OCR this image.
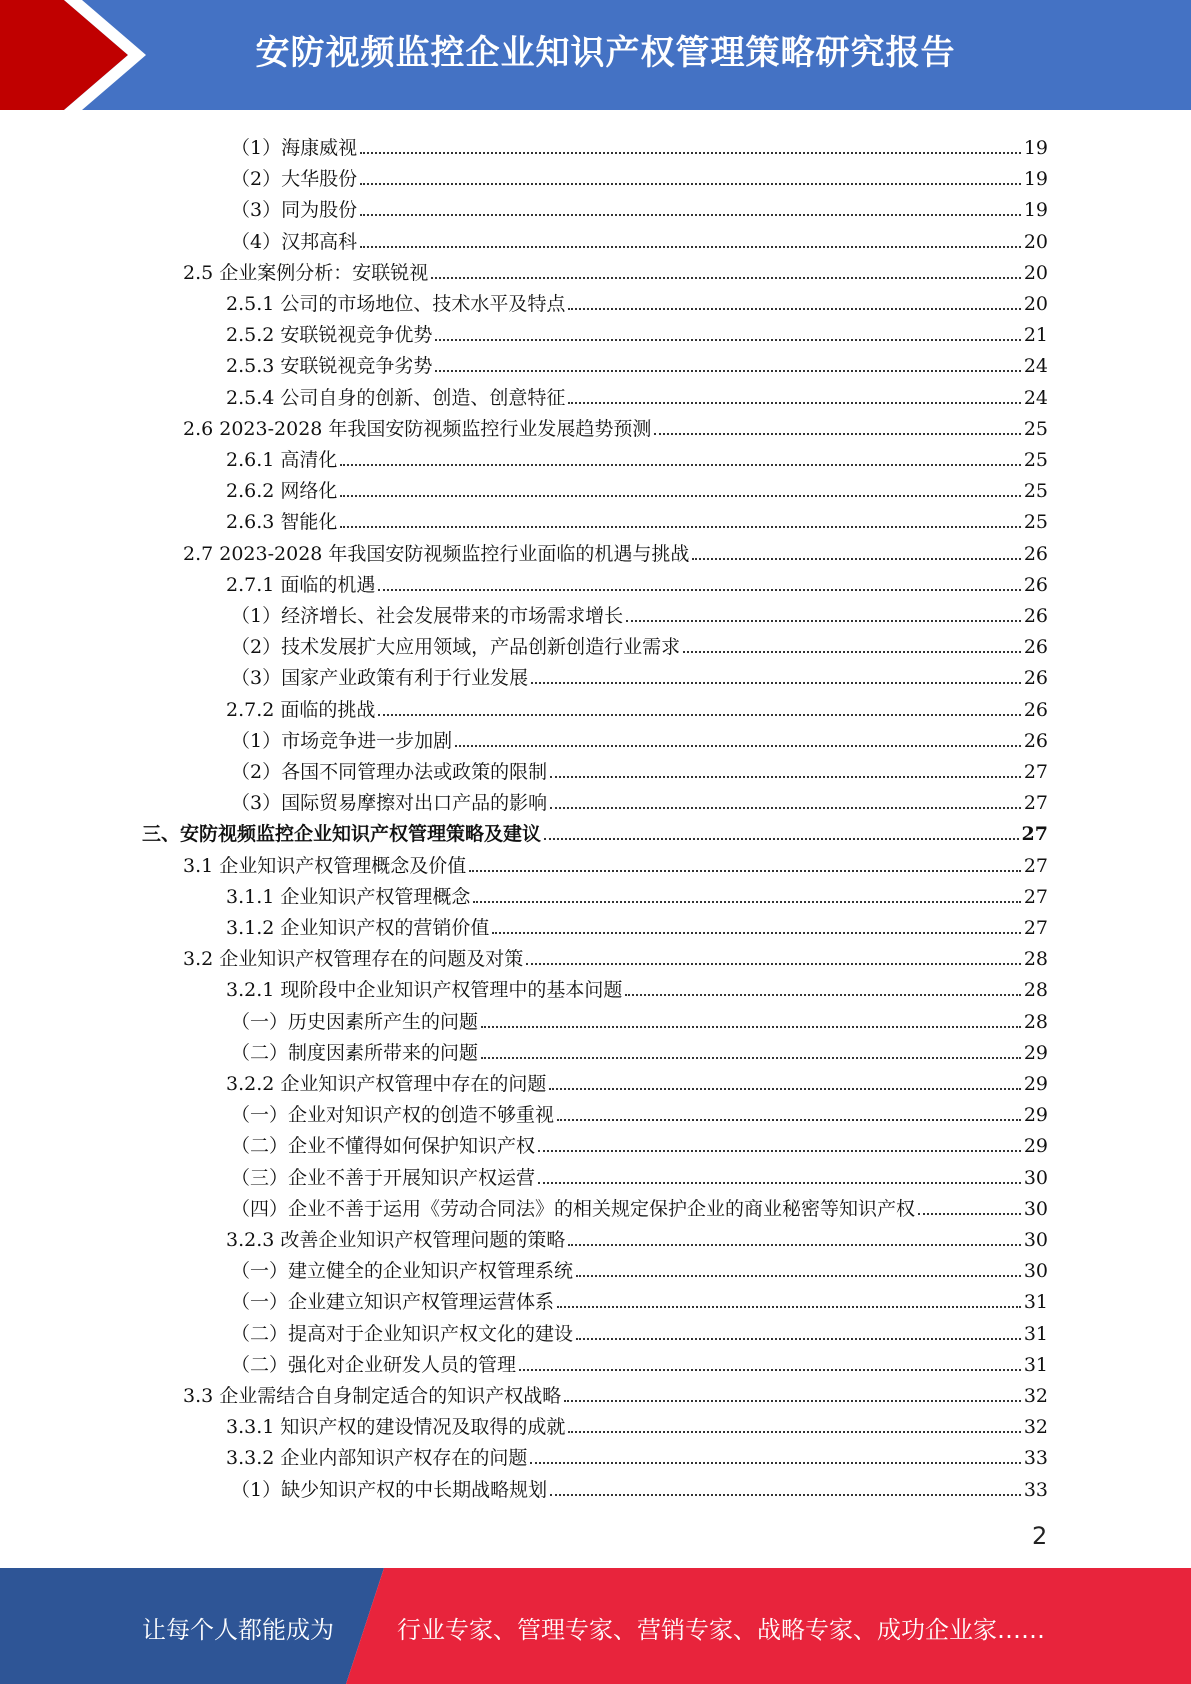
安防视频监控企业知识产权管理策略研究报告
（1）海康威视	19
（2）大华股份	19
（3）同为股份	19
（4）汉邦高科	20
2.5 企业案例分析：安联锐视	20
2.5.1 公司的市场地位、技术水平及特点	20
2.5.2 安联锐视竞争优势	21
2.5.3 安联锐视竞争劣势	24
2.5.4 公司自身的创新、创造、创意特征	24
2.6 2023-2028 年我国安防视频监控行业发展趋势预测	25
2.6.1 高清化	25
2.6.2 网络化	25
2.6.3 智能化	25
2.7 2023-2028 年我国安防视频监控行业面临的机遇与挑战	26
2.7.1 面临的机遇	26
（1）经济增长、社会发展带来的市场需求增长	26
（2）技术发展扩大应用领域，产品创新创造行业需求	26
（3）国家产业政策有利于行业发展	26
2.7.2 面临的挑战	26
（1）市场竞争进一步加剧	26
（2）各国不同管理办法或政策的限制	27
（3）国际贸易摩擦对出口产品的影响	27
三、安防视频监控企业知识产权管理策略及建议	27
3.1 企业知识产权管理概念及价值	27
3.1.1 企业知识产权管理概念	27
3.1.2 企业知识产权的营销价值	27
3.2 企业知识产权管理存在的问题及对策	28
3.2.1 现阶段中企业知识产权管理中的基本问题	28
（一）历史因素所产生的问题	28
（二）制度因素所带来的问题	29
3.2.2 企业知识产权管理中存在的问题	29
（一）企业对知识产权的创造不够重视	29
（二）企业不懂得如何保护知识产权	29
（三）企业不善于开展知识产权运营	30
（四）企业不善于运用《劳动合同法》的相关规定保护企业的商业秘密等知识产权	30
3.2.3 改善企业知识产权管理问题的策略	30
（一）建立健全的企业知识产权管理系统	30
（一）企业建立知识产权管理运营体系	31
（二）提高对于企业知识产权文化的建设	31
（二）强化对企业研发人员的管理	31
3.3 企业需结合自身制定适合的知识产权战略	32
3.3.1 知识产权的建设情况及取得的成就	32
3.3.2 企业内部知识产权存在的问题	33
（1）缺少知识产权的中长期战略规划	33
2
让每个人都能成为	行业专家、管理专家、营销专家、战略专家、成功企业家……
